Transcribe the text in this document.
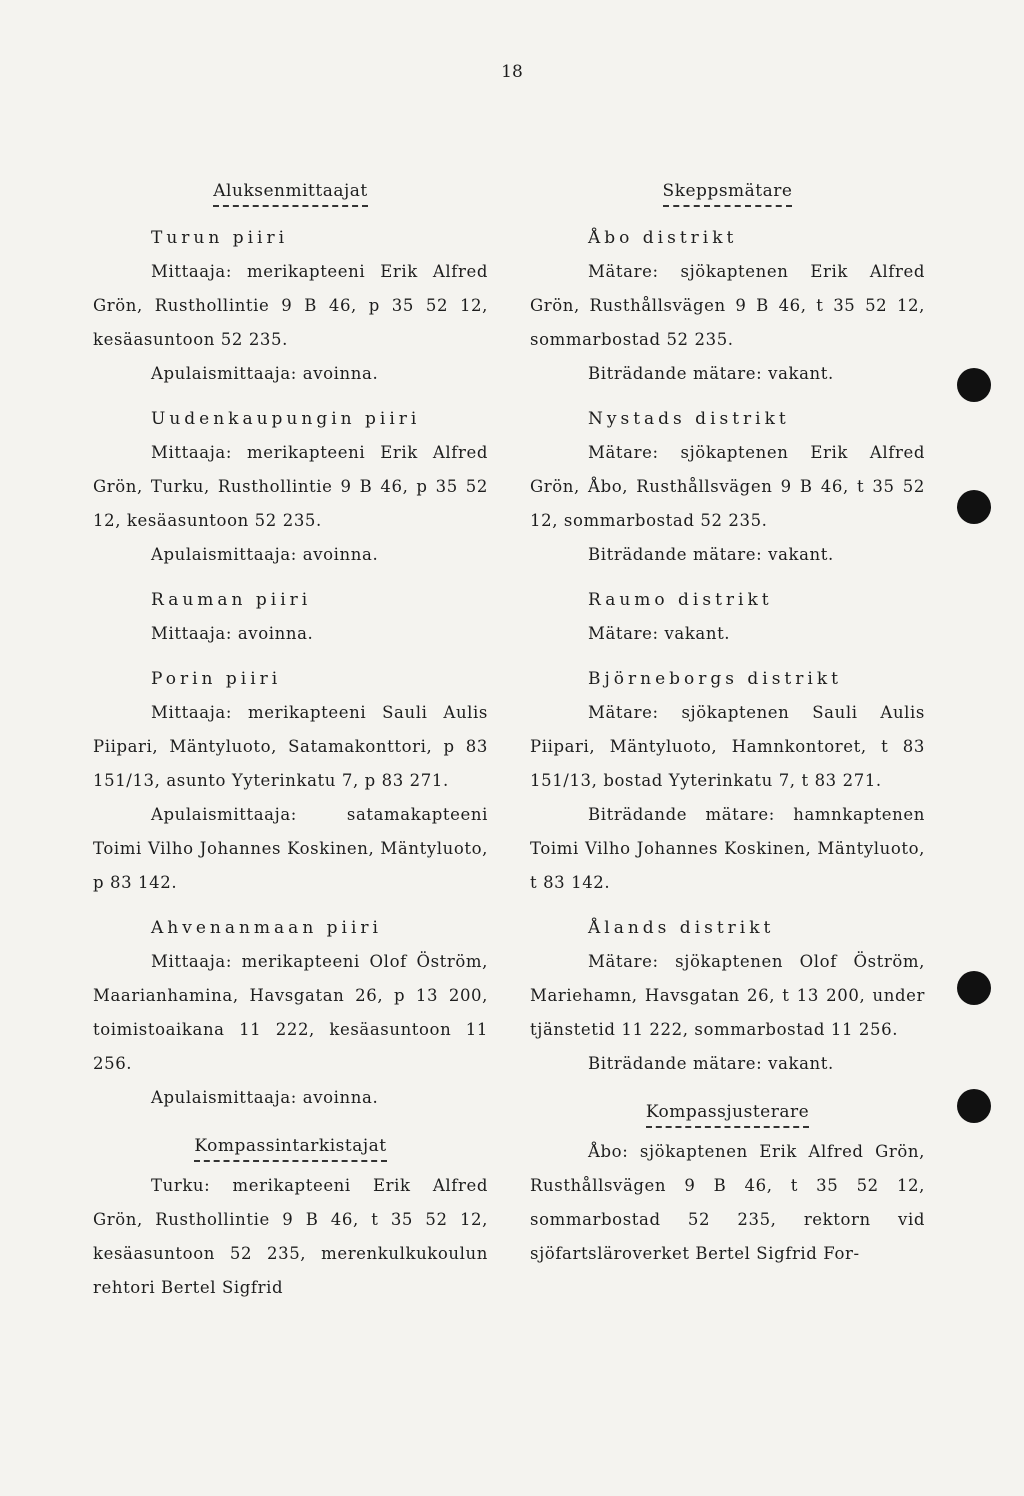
18
Aluksenmittaajat
Turun piiri

Mittaaja: merikapteeni Erik Alfred Grön, Rusthollintie 9 B 46, p 35 52 12, kesäasuntoon 52 235.

Apulaismittaaja: avoinna.

Uudenkaupungin piiri

Mittaaja: merikapteeni Erik Alfred Grön, Turku, Rusthollintie 9 B 46, p 35 52 12, kesäasuntoon 52 235.

Apulaismittaaja: avoinna.

Rauman piiri

Mittaaja: avoinna.

Porin piiri

Mittaaja: merikapteeni Sauli Aulis Piipari, Mäntyluoto, Satamakonttori, p 83 151/13, asunto Yyterinkatu 7, p 83 271.

Apulaismittaaja: satamakapteeni Toimi Vilho Johannes Koskinen, Mäntyluoto, p 83 142.

Ahvenanmaan piiri

Mittaaja: merikapteeni Olof Öström, Maarianhamina, Havsgatan 26, p 13 200, toimistoaikana 11 222, kesäasuntoon 11 256.

Apulaismittaaja: avoinna.

Kompassintarkistajat

Turku: merikapteeni Erik Alfred Grön, Rusthollintie 9 B 46, t 35 52 12, kesäasuntoon 52 235, merenkulkukoulun rehtori Bertel Sigfrid

Skeppsmätare
Åbo distrikt

Mätare: sjökaptenen Erik Alfred Grön, Rusthållsvägen 9 B 46, t 35 52 12, sommarbostad 52 235.

Biträdande mätare: vakant.

Nystads distrikt

Mätare: sjökaptenen Erik Alfred Grön, Åbo, Rusthållsvägen 9 B 46, t 35 52 12, sommarbostad 52 235.

Biträdande mätare: vakant.

Raumo distrikt

Mätare: vakant.

Björneborgs distrikt

Mätare: sjökaptenen Sauli Aulis Piipari, Mäntyluoto, Hamnkontoret, t 83 151/13, bostad Yyterinkatu 7, t 83 271.

Biträdande mätare: hamnkaptenen Toimi Vilho Johannes Koskinen, Mäntyluoto, t 83 142.

Ålands distrikt

Mätare: sjökaptenen Olof Öström, Mariehamn, Havsgatan 26, t 13 200, under tjänstetid 11 222, sommarbostad 11 256.

Biträdande mätare: vakant.

Kompassjusterare

Åbo: sjökaptenen Erik Alfred Grön, Rusthållsvägen 9 B 46, t 35 52 12, sommarbostad 52 235, rektorn vid sjöfartsläroverket Bertel Sigfrid For-
